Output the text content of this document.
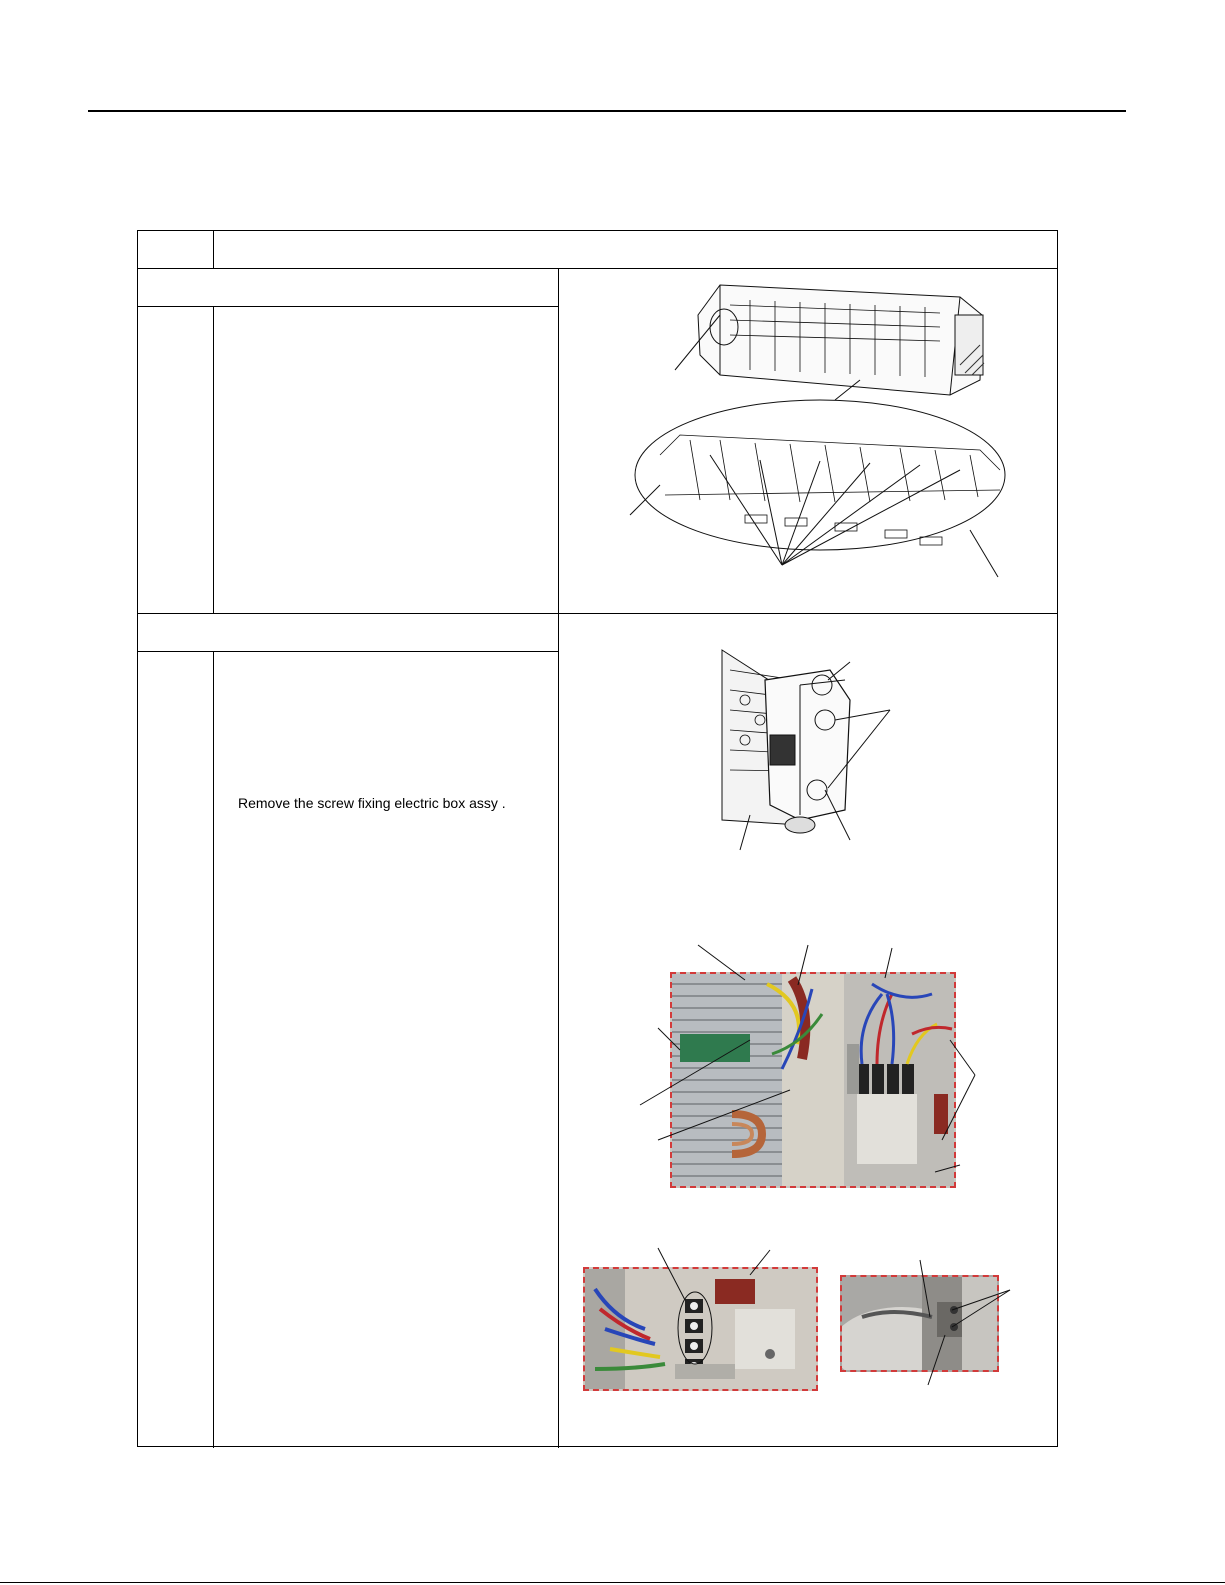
Remove the screw fixing electric box assy .
